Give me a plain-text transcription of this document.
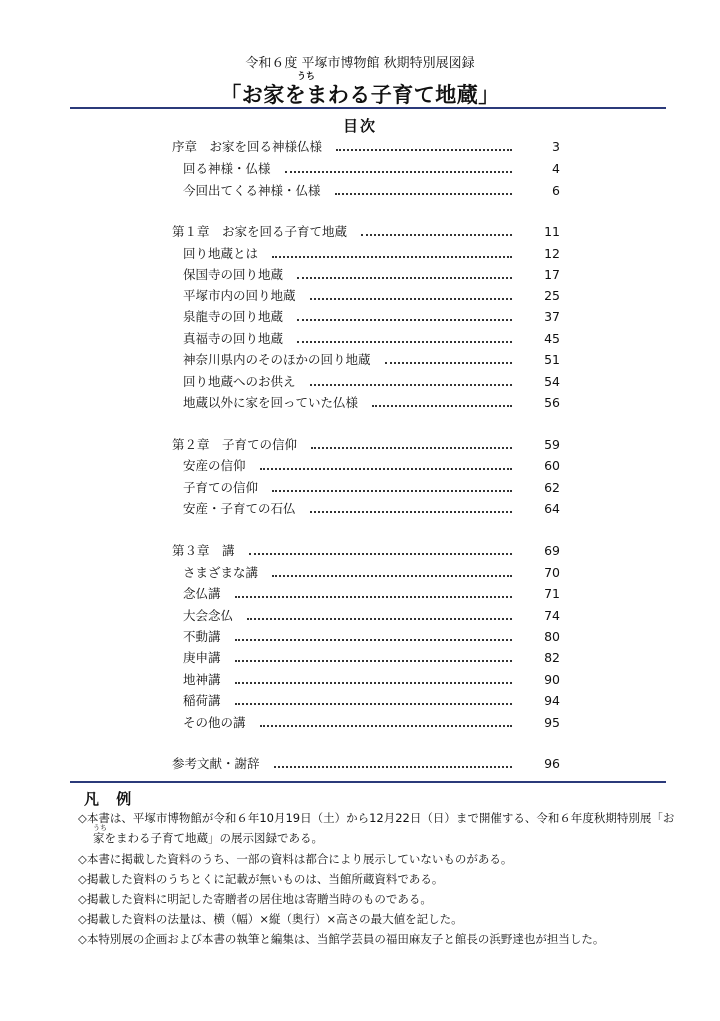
令和６度 平塚市博物館 秋期特別展図録
うち
「お家をまわる子育て地蔵」
目次
序章　お家を回る神様仏様	3
回る神様・仏様	4
今回出てくる神様・仏様	6
第１章　お家を回る子育て地蔵	11
回り地蔵とは	12
保国寺の回り地蔵	17
平塚市内の回り地蔵	25
泉龍寺の回り地蔵	37
真福寺の回り地蔵	45
神奈川県内のそのほかの回り地蔵	51
回り地蔵へのお供え	54
地蔵以外に家を回っていた仏様	56
第２章　子育ての信仰	59
安産の信仰	60
子育ての信仰	62
安産・子育ての石仏	64
第３章　講	69
さまざまな講	70
念仏講	71
大会念仏	74
不動講	80
庚申講	82
地神講	90
稲荷講	94
その他の講	95
参考文献・謝辞	96
凡 例
うち
◇本書は、平塚市博物館が令和６年10月19日（土）から12月22日（日）まで開催する、令和６年度秋期特別展「お
家をまわる子育て地蔵」の展示図録である。
◇本書に掲載した資料のうち、一部の資料は都合により展示していないものがある。
◇掲載した資料のうちとくに記載が無いものは、当館所蔵資料である。
◇掲載した資料に明記した寄贈者の居住地は寄贈当時のものである。
◇掲載した資料の法量は、横（幅）×縦（奥行）×高さの最大値を記した。
◇本特別展の企画および本書の執筆と編集は、当館学芸員の福田麻友子と館長の浜野達也が担当した。
